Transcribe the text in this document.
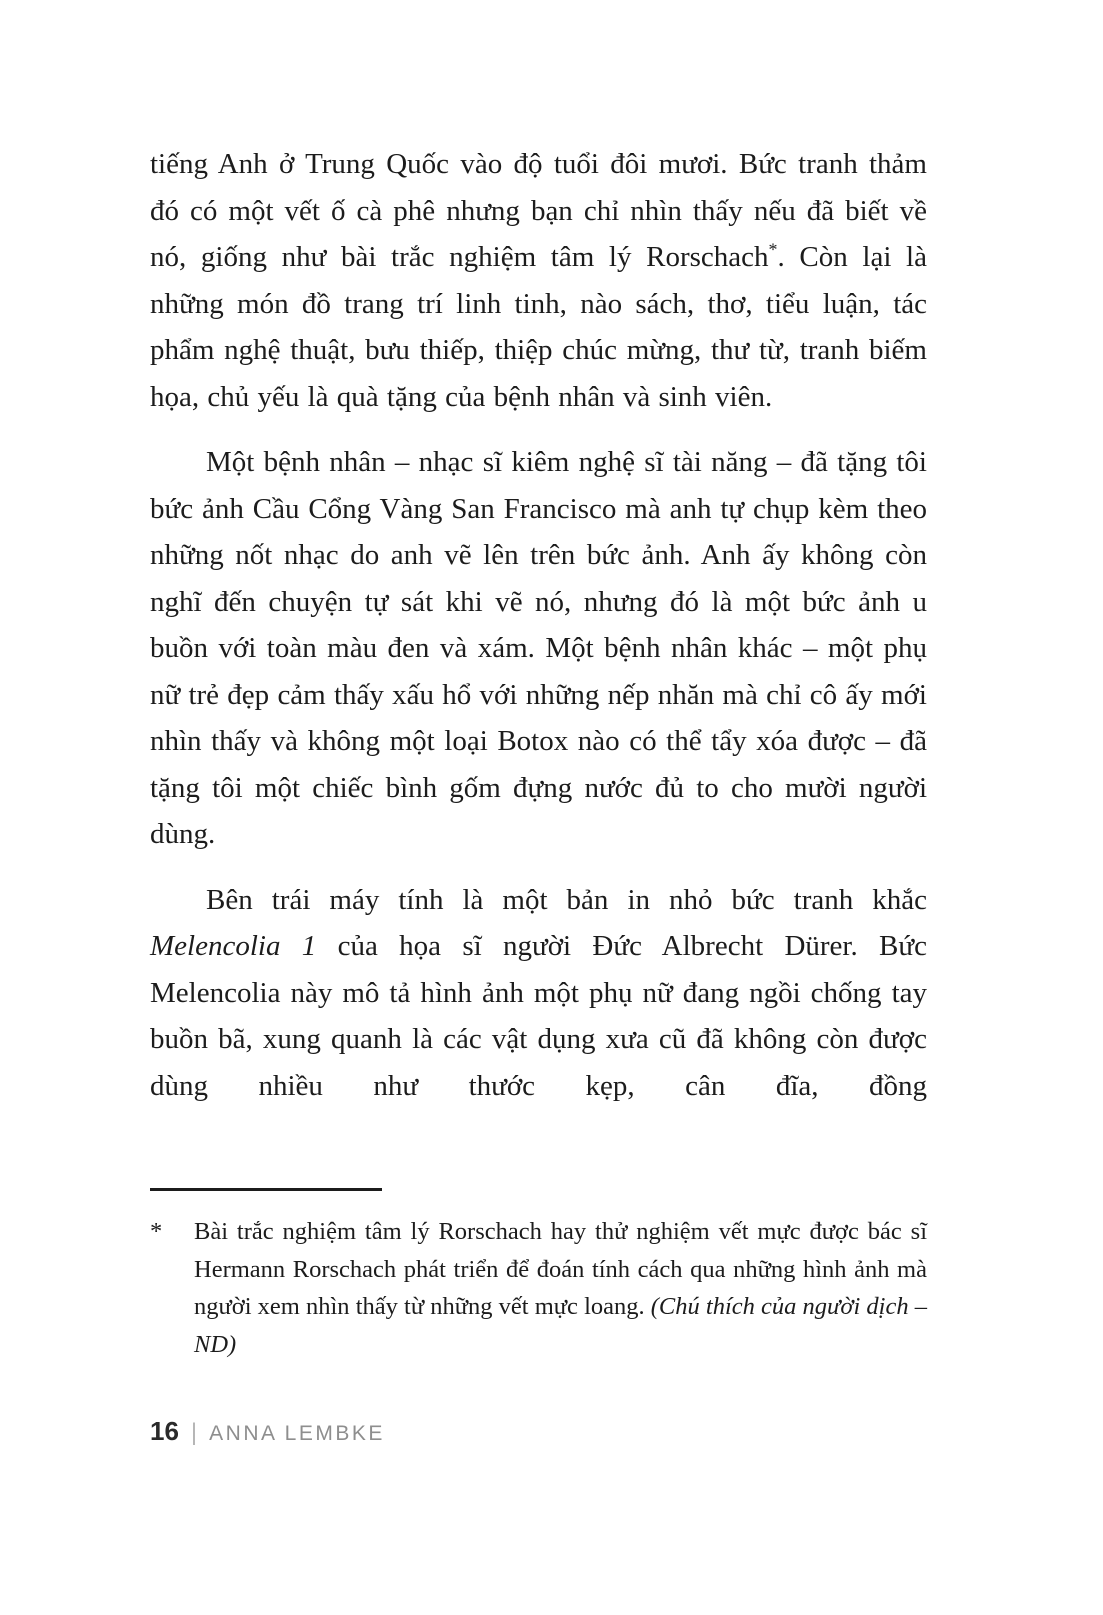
tiếng Anh ở Trung Quốc vào độ tuổi đôi mươi. Bức tranh thảm đó có một vết ố cà phê nhưng bạn chỉ nhìn thấy nếu đã biết về nó, giống như bài trắc nghiệm tâm lý Rorschach*. Còn lại là những món đồ trang trí linh tinh, nào sách, thơ, tiểu luận, tác phẩm nghệ thuật, bưu thiếp, thiệp chúc mừng, thư từ, tranh biếm họa, chủ yếu là quà tặng của bệnh nhân và sinh viên.

Một bệnh nhân – nhạc sĩ kiêm nghệ sĩ tài năng – đã tặng tôi bức ảnh Cầu Cổng Vàng San Francisco mà anh tự chụp kèm theo những nốt nhạc do anh vẽ lên trên bức ảnh. Anh ấy không còn nghĩ đến chuyện tự sát khi vẽ nó, nhưng đó là một bức ảnh u buồn với toàn màu đen và xám. Một bệnh nhân khác – một phụ nữ trẻ đẹp cảm thấy xấu hổ với những nếp nhăn mà chỉ cô ấy mới nhìn thấy và không một loại Botox nào có thể tẩy xóa được – đã tặng tôi một chiếc bình gốm đựng nước đủ to cho mười người dùng.

Bên trái máy tính là một bản in nhỏ bức tranh khắc Melencolia 1 của họa sĩ người Đức Albrecht Dürer. Bức Melencolia này mô tả hình ảnh một phụ nữ đang ngồi chống tay buồn bã, xung quanh là các vật dụng xưa cũ đã không còn được dùng nhiều như thước kẹp, cân đĩa, đồng

* Bài trắc nghiệm tâm lý Rorschach hay thử nghiệm vết mực được bác sĩ Hermann Rorschach phát triển để đoán tính cách qua những hình ảnh mà người xem nhìn thấy từ những vết mực loang. (Chú thích của người dịch – ND)
16 | ANNA LEMBKE
